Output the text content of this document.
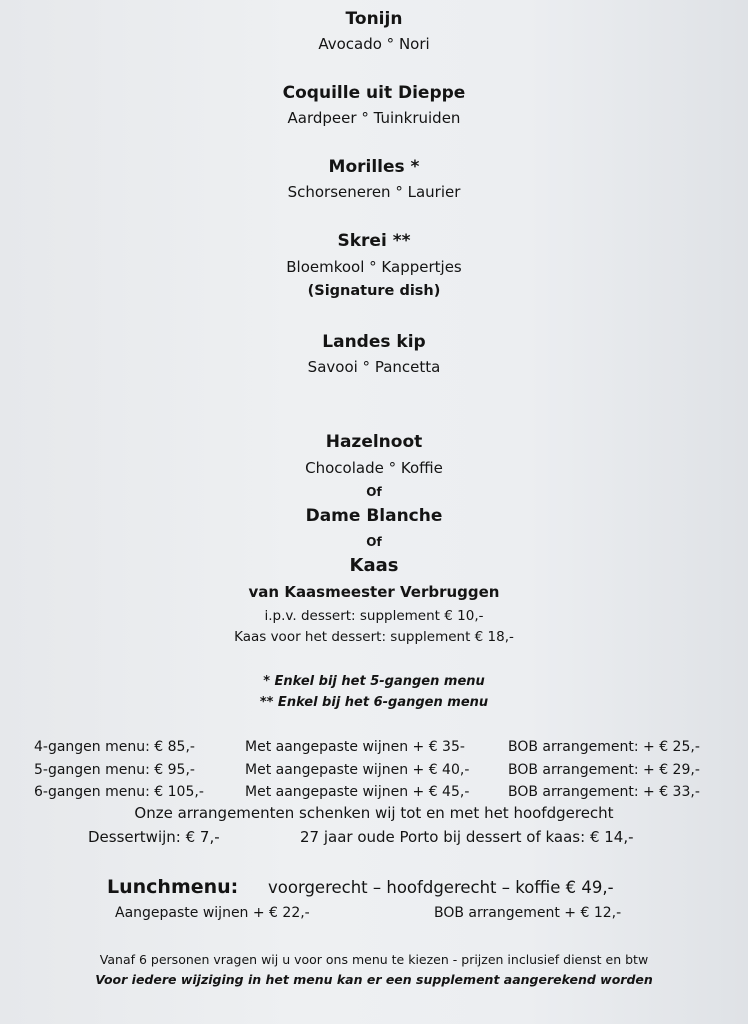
Tonijn
Avocado ° Nori
Coquille uit Dieppe
Aardpeer ° Tuinkruiden
Morilles *
Schorseneren ° Laurier
Skrei **
Bloemkool ° Kappertjes
(Signature dish)
Landes kip
Savooi ° Pancetta
Hazelnoot
Chocolade ° Koffie
Of
Dame Blanche
Of
Kaas
van Kaasmeester Verbruggen
i.p.v. dessert: supplement € 10,-
Kaas voor het dessert: supplement € 18,-
* Enkel bij het 5-gangen menu
** Enkel bij het 6-gangen menu
4-gangen menu: € 85,-	Met aangepaste wijnen + € 35-	BOB arrangement: + € 25,-
5-gangen menu: € 95,-	Met aangepaste wijnen + € 40,-	BOB arrangement: + € 29,-
6-gangen menu: € 105,-	Met aangepaste wijnen + € 45,-	BOB arrangement: + € 33,-
Onze arrangementen schenken wij tot en met het hoofdgerecht
Dessertwijn: € 7,-	27 jaar oude Porto bij dessert of kaas: € 14,-
Lunchmenu: voorgerecht – hoofdgerecht – koffie € 49,-
Aangepaste wijnen + € 22,-	BOB arrangement + € 12,-
Vanaf 6 personen vragen wij u voor ons menu te kiezen - prijzen inclusief dienst en btw
Voor iedere wijziging in het menu kan er een supplement aangerekend worden
